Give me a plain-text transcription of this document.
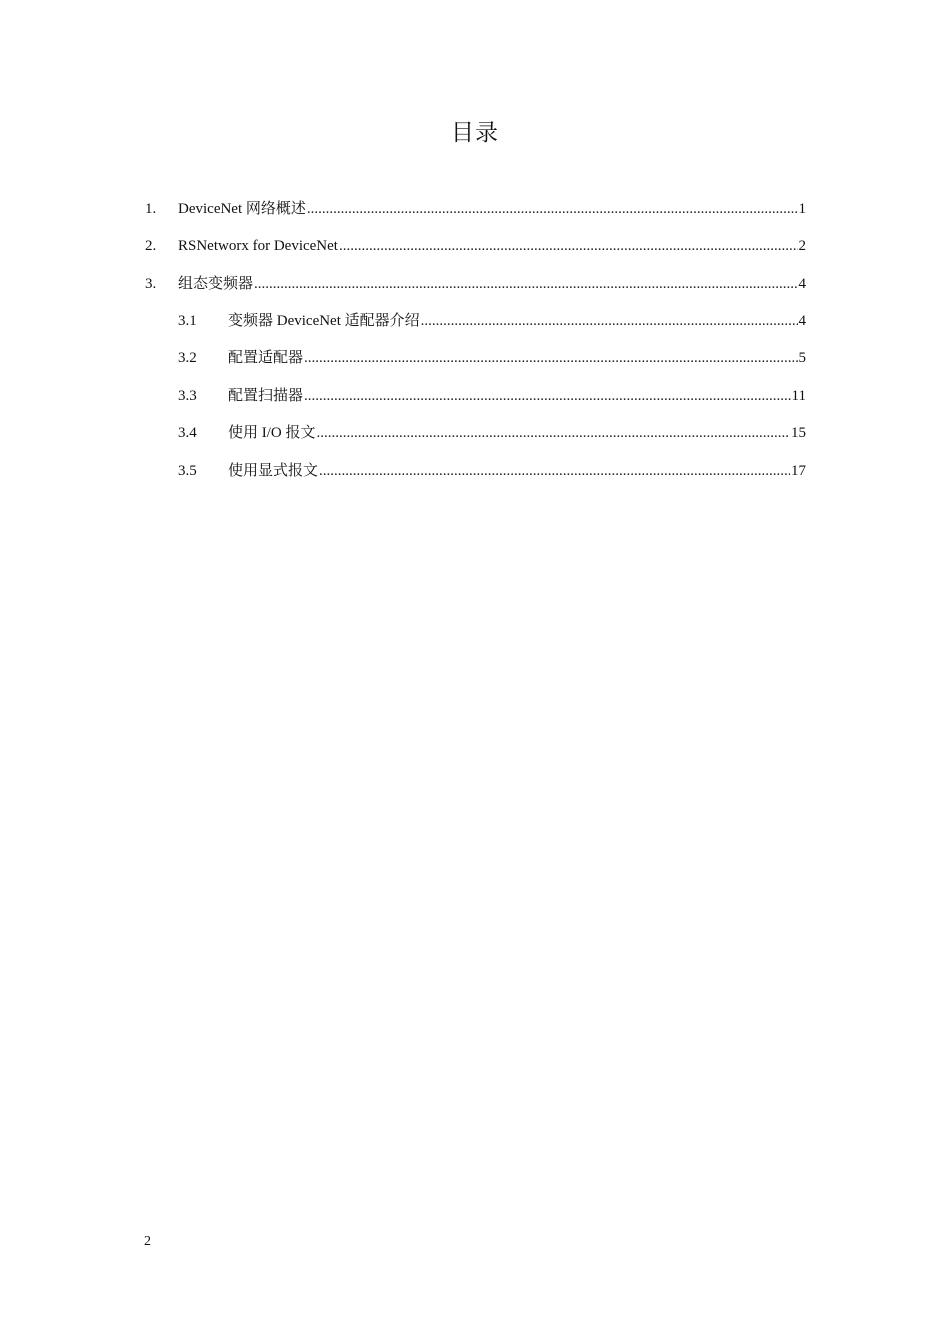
目录
1.	DeviceNet 网络概述 .....	1
2.	RSNetworx for DeviceNet .....	2
3.	组态变频器 .....	4
3.1	变频器 DeviceNet 适配器介绍 .....	4
3.2	配置适配器 .....	5
3.3	配置扫描器 .....	11
3.4	使用 I/O 报文 .....	15
3.5	使用显式报文 .....	17
2
